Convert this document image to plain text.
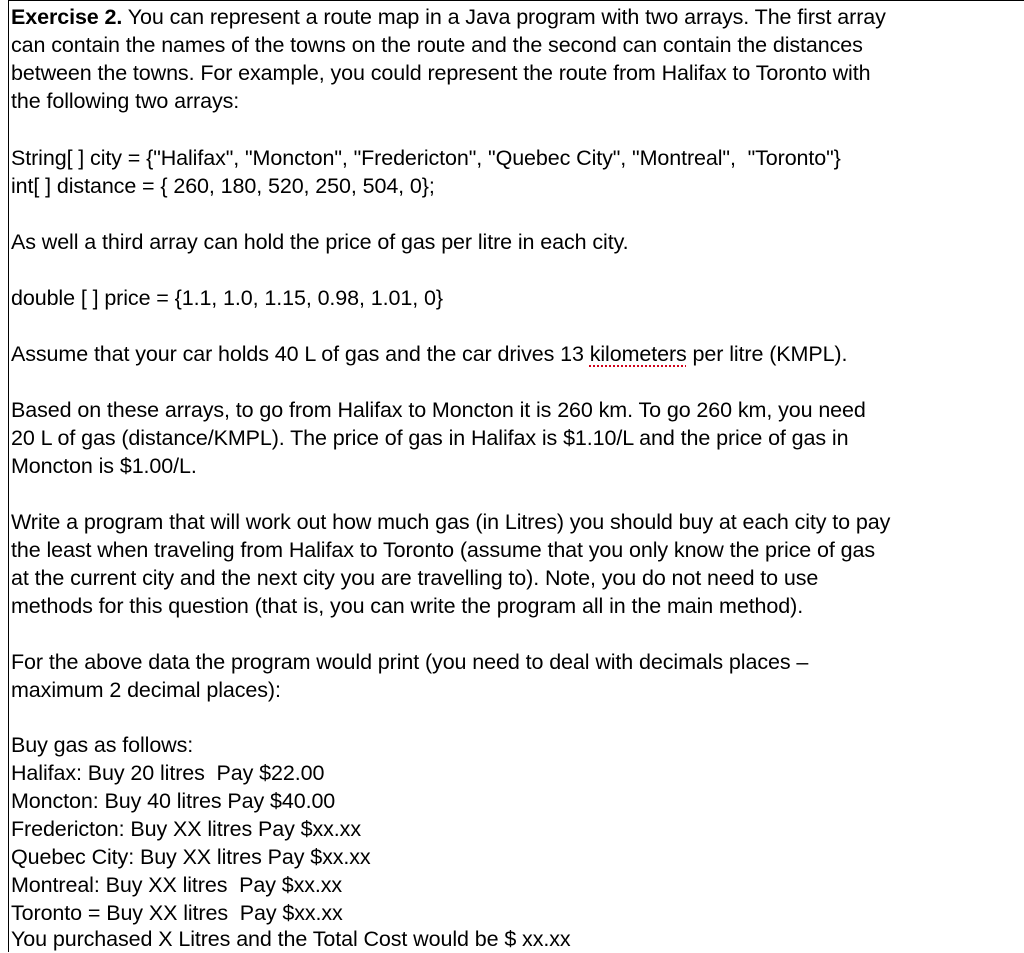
Exercise 2. You can represent a route map in a Java program with two arrays. The first array
can contain the names of the towns on the route and the second can contain the distances
between the towns. For example, you could represent the route from Halifax to Toronto with
the following two arrays:
String[ ] city = {"Halifax", "Moncton", "Fredericton", "Quebec City", "Montreal",  "Toronto"}
int[ ] distance = { 260, 180, 520, 250, 504, 0};
As well a third array can hold the price of gas per litre in each city.
double [ ] price = {1.1, 1.0, 1.15, 0.98, 1.01, 0}
Assume that your car holds 40 L of gas and the car drives 13 kilometers per litre (KMPL).
Based on these arrays, to go from Halifax to Moncton it is 260 km. To go 260 km, you need
20 L of gas (distance/KMPL). The price of gas in Halifax is $1.10/L and the price of gas in
Moncton is $1.00/L.
Write a program that will work out how much gas (in Litres) you should buy at each city to pay
the least when traveling from Halifax to Toronto (assume that you only know the price of gas
at the current city and the next city you are travelling to). Note, you do not need to use
methods for this question (that is, you can write the program all in the main method).
For the above data the program would print (you need to deal with decimals places –
maximum 2 decimal places):
Buy gas as follows:
Halifax: Buy 20 litres  Pay $22.00
Moncton: Buy 40 litres Pay $40.00
Fredericton: Buy XX litres Pay $xx.xx
Quebec City: Buy XX litres Pay $xx.xx
Montreal: Buy XX litres  Pay $xx.xx
Toronto = Buy XX litres  Pay $xx.xx
You purchased X Litres and the Total Cost would be $ xx.xx
